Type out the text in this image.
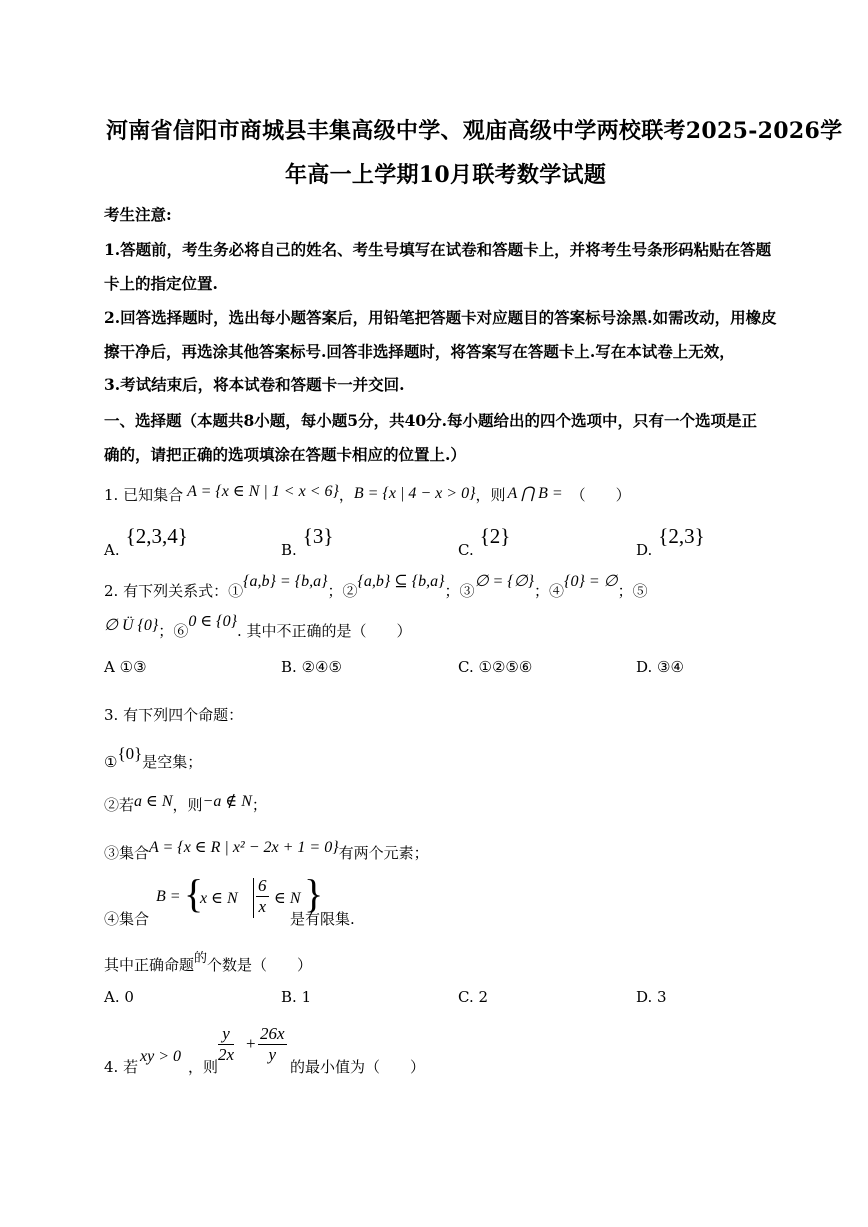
河南省信阳市商城县丰集高级中学、观庙高级中学两校联考2025-2026学
年高一上学期10月联考数学试题
考生注意:
1.答题前，考生务必将自己的姓名、考生号填写在试卷和答题卡上，并将考生号条形码粘贴在答题
卡上的指定位置.
2.回答选择题时，选出每小题答案后，用铅笔把答题卡对应题目的答案标号涂黑.如需改动，用橡皮
擦干净后，再选涂其他答案标号.回答非选择题时，将答案写在答题卡上.写在本试卷上无效，
3.考试结束后，将本试卷和答题卡一并交回.
一、选择题（本题共8小题，每小题5分，共40分.每小题给出的四个选项中，只有一个选项是正
确的，请把正确的选项填涂在答题卡相应的位置上.）
1. 已知集合 A = {x ∈ N | 1 < x < 6}，B = {x | 4 − x > 0}，则 A ⋂ B = （　　）
A.{2,3,4}
B.{3}
C.{2}
D.{2,3}
2. 有下列关系式：①{a,b} = {b,a}；②{a,b} ⊆ {b,a}；③∅ = {∅}；④{0} = ∅；⑤
∅ Ü {0}；⑥0 ∈ {0}. 其中不正确的是（　　）
A ①③	B. ②④⑤	C. ①②⑤⑥	D. ③④
3. 有下列四个命题：
①{0}是空集；
②若a ∈ N，则−a ∉ N；
③集合A = {x ∈ R | x² − 2x + 1 = 0}有两个元素；
④集合
B = {
x ∈ N $\frac{6}{x}$ ∈ N }
是有限集.
其中正确命题的个数是（　　）
A. 0	B. 1	C. 2	D. 3
4. 若
xy > 0
，则
$\frac{y}{2x} + \frac{26x}{y}$
的最小值为（　　）
